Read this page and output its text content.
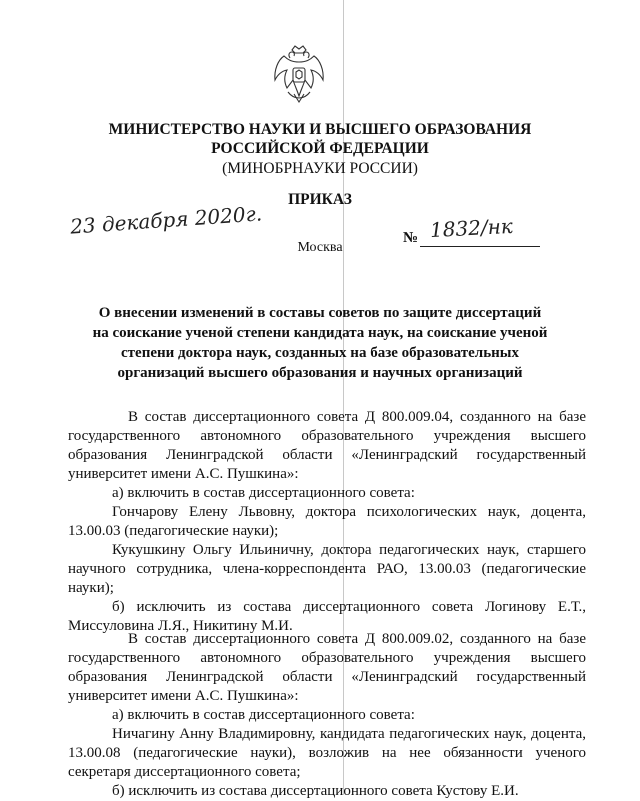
МИНИСТЕРСТВО НАУКИ И ВЫСШЕГО ОБРАЗОВАНИЯ
РОССИЙСКОЙ ФЕДЕРАЦИИ
(МИНОБРНАУКИ РОССИИ)
ПРИКАЗ
23 декабря 2020г.	№ 1832/нк
Москва
О внесении изменений в составы советов по защите диссертаций
на соискание ученой степени кандидата наук, на соискание ученой
степени доктора наук, созданных на базе образовательных
организаций высшего образования и научных организаций

В состав диссертационного совета Д 800.009.04, созданного на базе государственного автономного образовательного учреждения высшего образования Ленинградской области «Ленинградский государственный университет имени А.С. Пушкина»:

а) включить в состав диссертационного совета:

Гончарову Елену Львовну, доктора психологических наук, доцента, 13.00.03 (педагогические науки);

Кукушкину Ольгу Ильиничну, доктора педагогических наук, старшего научного сотрудника, члена-корреспондента РАО, 13.00.03 (педагогические науки);

б) исключить из состава диссертационного совета Логинову Е.Т., Миссуловина Л.Я., Никитину М.И.

В состав диссертационного совета Д 800.009.02, созданного на базе государственного автономного образовательного учреждения высшего образования Ленинградской области «Ленинградский государственный университет имени А.С. Пушкина»:

а) включить в состав диссертационного совета:

Ничагину Анну Владимировну, кандидата педагогических наук, доцента, 13.00.08 (педагогические науки), возложив на нее обязанности ученого секретаря диссертационного совета;

б) исключить из состава диссертационного совета Кустову Е.И.
